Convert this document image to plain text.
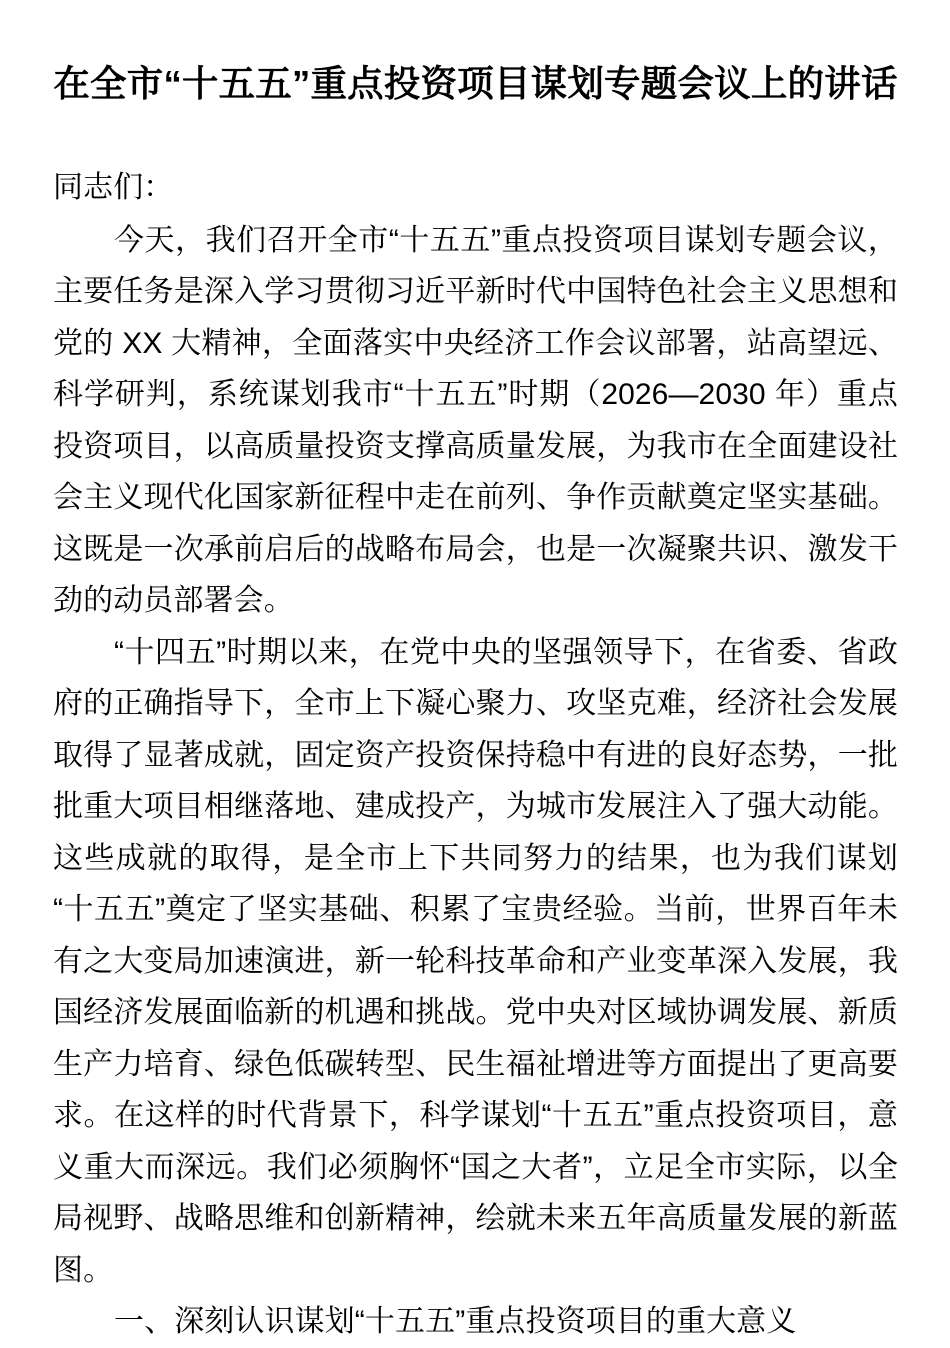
在全市“十五五”重点投资项目谋划专题会议上的讲话

同志们：

今天，我们召开全市“十五五”重点投资项目谋划专题会议，主要任务是深入学习贯彻习近平新时代中国特色社会主义思想和党的 XX 大精神，全面落实中央经济工作会议部署，站高望远、科学研判，系统谋划我市“十五五”时期（2026—2030 年）重点投资项目，以高质量投资支撑高质量发展，为我市在全面建设社会主义现代化国家新征程中走在前列、争作贡献奠定坚实基础。这既是一次承前启后的战略布局会，也是一次凝聚共识、激发干劲的动员部署会。

“十四五”时期以来，在党中央的坚强领导下，在省委、省政府的正确指导下，全市上下凝心聚力、攻坚克难，经济社会发展取得了显著成就，固定资产投资保持稳中有进的良好态势，一批批重大项目相继落地、建成投产，为城市发展注入了强大动能。这些成就的取得，是全市上下共同努力的结果，也为我们谋划“十五五”奠定了坚实基础、积累了宝贵经验。当前，世界百年未有之大变局加速演进，新一轮科技革命和产业变革深入发展，我国经济发展面临新的机遇和挑战。党中央对区域协调发展、新质生产力培育、绿色低碳转型、民生福祉增进等方面提出了更高要求。在这样的时代背景下，科学谋划“十五五”重点投资项目，意义重大而深远。我们必须胸怀“国之大者”，立足全市实际，以全局视野、战略思维和创新精神，绘就未来五年高质量发展的新蓝图。

一、深刻认识谋划“十五五”重点投资项目的重大意义
